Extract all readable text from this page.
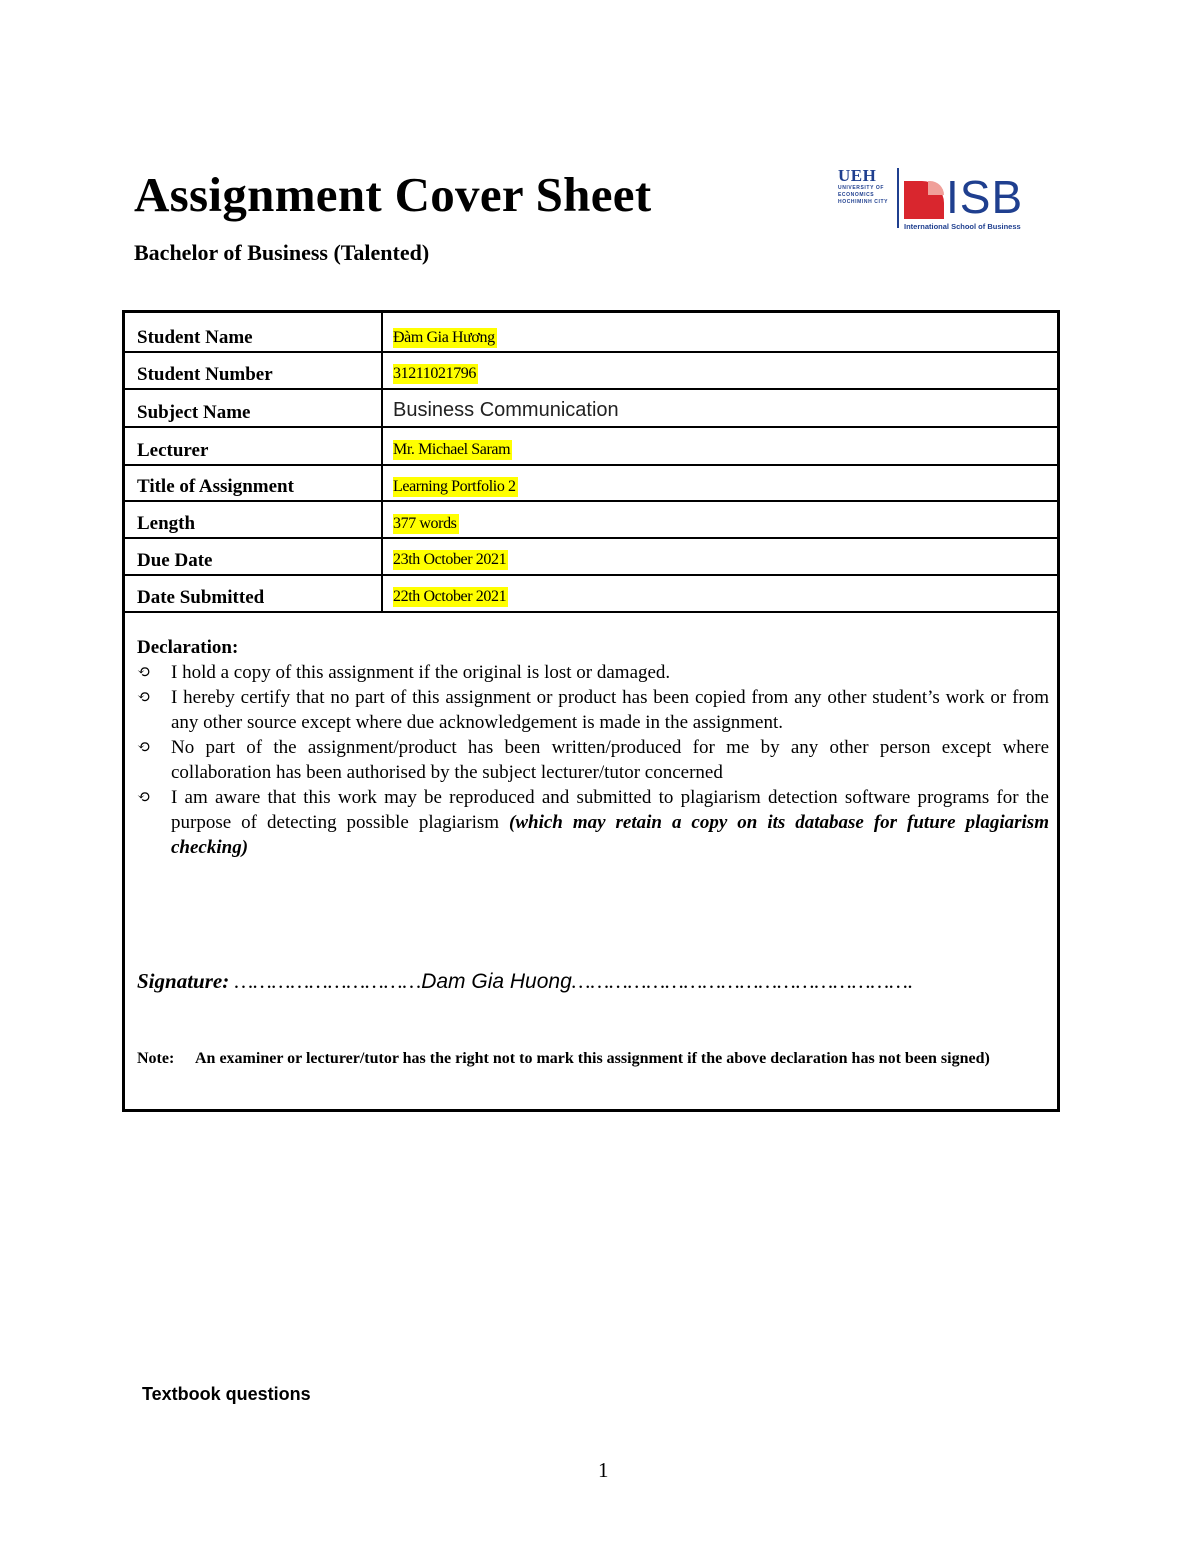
Assignment Cover Sheet
Bachelor of Business (Talented)
UEH
UNIVERSITY OF
ECONOMICS
HOCHIMINH CITY ISB
International School of Business
Student Name	Đàm Gia Hương
Student Number	31211021796
Subject Name	Business Communication
Lecturer	Mr. Michael Saram
Title of Assignment	Learning Portfolio 2
Length	377 words
Due Date	23th October 2021
Date Submitted	22th October 2021
Declaration:
⟲ I hold a copy of this assignment if the original is lost or damaged.
⟲ I hereby certify that no part of this assignment or product has been copied from any other student’s work or from any other source except where due acknowledgement is made in the assignment.
⟲ No part of the assignment/product has been written/produced for me by any other person except where collaboration has been authorised by the subject lecturer/tutor concerned
⟲ I am aware that this work may be reproduced and submitted to plagiarism detection software programs for the purpose of detecting possible plagiarism (which may retain a copy on its database for future plagiarism checking)
Signature: …………………………Dam Gia Huong……………………………………………….
Note: An examiner or lecturer/tutor has the right not to mark this assignment if the above declaration has not been signed)
Textbook questions
1
